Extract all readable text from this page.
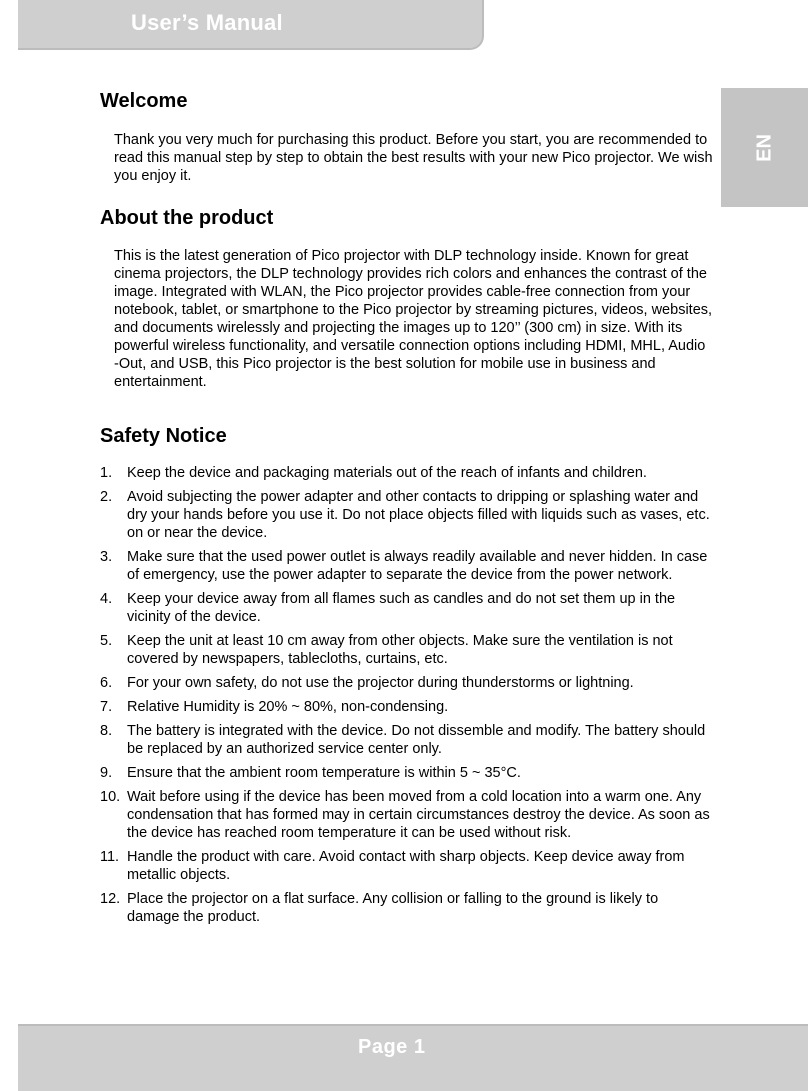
User’s Manual
EN
Welcome

Thank you very much for purchasing this product. Before you start, you are recommended to read this manual step by step to obtain the best results with your new Pico projector. We wish you enjoy it.

About the product

This is the latest generation of Pico projector with DLP technology inside. Known for great cinema projectors, the DLP technology provides rich colors and enhances the contrast of the image. Integrated with WLAN, the Pico projector provides cable-free connection from your notebook, tablet, or smartphone to the Pico projector by streaming pictures, videos, websites, and documents wirelessly and projecting the images up to 120’’ (300 cm) in size. With its powerful wireless functionality, and versatile connection options including HDMI, MHL, Audio -Out, and USB, this Pico projector is the best solution for mobile use in business and entertainment.

Safety Notice
1.	Keep the device and packaging materials out of the reach of infants and children.
2.	Avoid subjecting the power adapter and other contacts to dripping or splashing water and dry your hands before you use it. Do not place objects filled with liquids such as vases, etc. on or near the device.
3.	Make sure that the used power outlet is always readily available and never hidden. In case of emergency, use the power adapter to separate the device from the power network.
4.	Keep your device away from all flames such as candles and do not set them up in the vicinity of the device.
5.	Keep the unit at least 10 cm away from other objects. Make sure the ventilation is not covered by newspapers, tablecloths, curtains, etc.
6.	For your own safety, do not use the projector during thunderstorms or lightning.
7.	Relative Humidity is 20% ~ 80%, non-condensing.
8.	The battery is integrated with the device. Do not dissemble and modify. The battery should be replaced by an authorized service center only.
9.	Ensure that the ambient room temperature is within 5 ~ 35°C.
10. Wait before using if the device has been moved from a cold location into a warm one. Any condensation that has formed may in certain circumstances destroy the device. As soon as the device has reached room temperature it can be used without risk.
11. Handle the product with care. Avoid contact with sharp objects. Keep device away from metallic objects.
12. Place the projector on a flat surface. Any collision or falling to the ground is likely to damage the product.
Page 1
